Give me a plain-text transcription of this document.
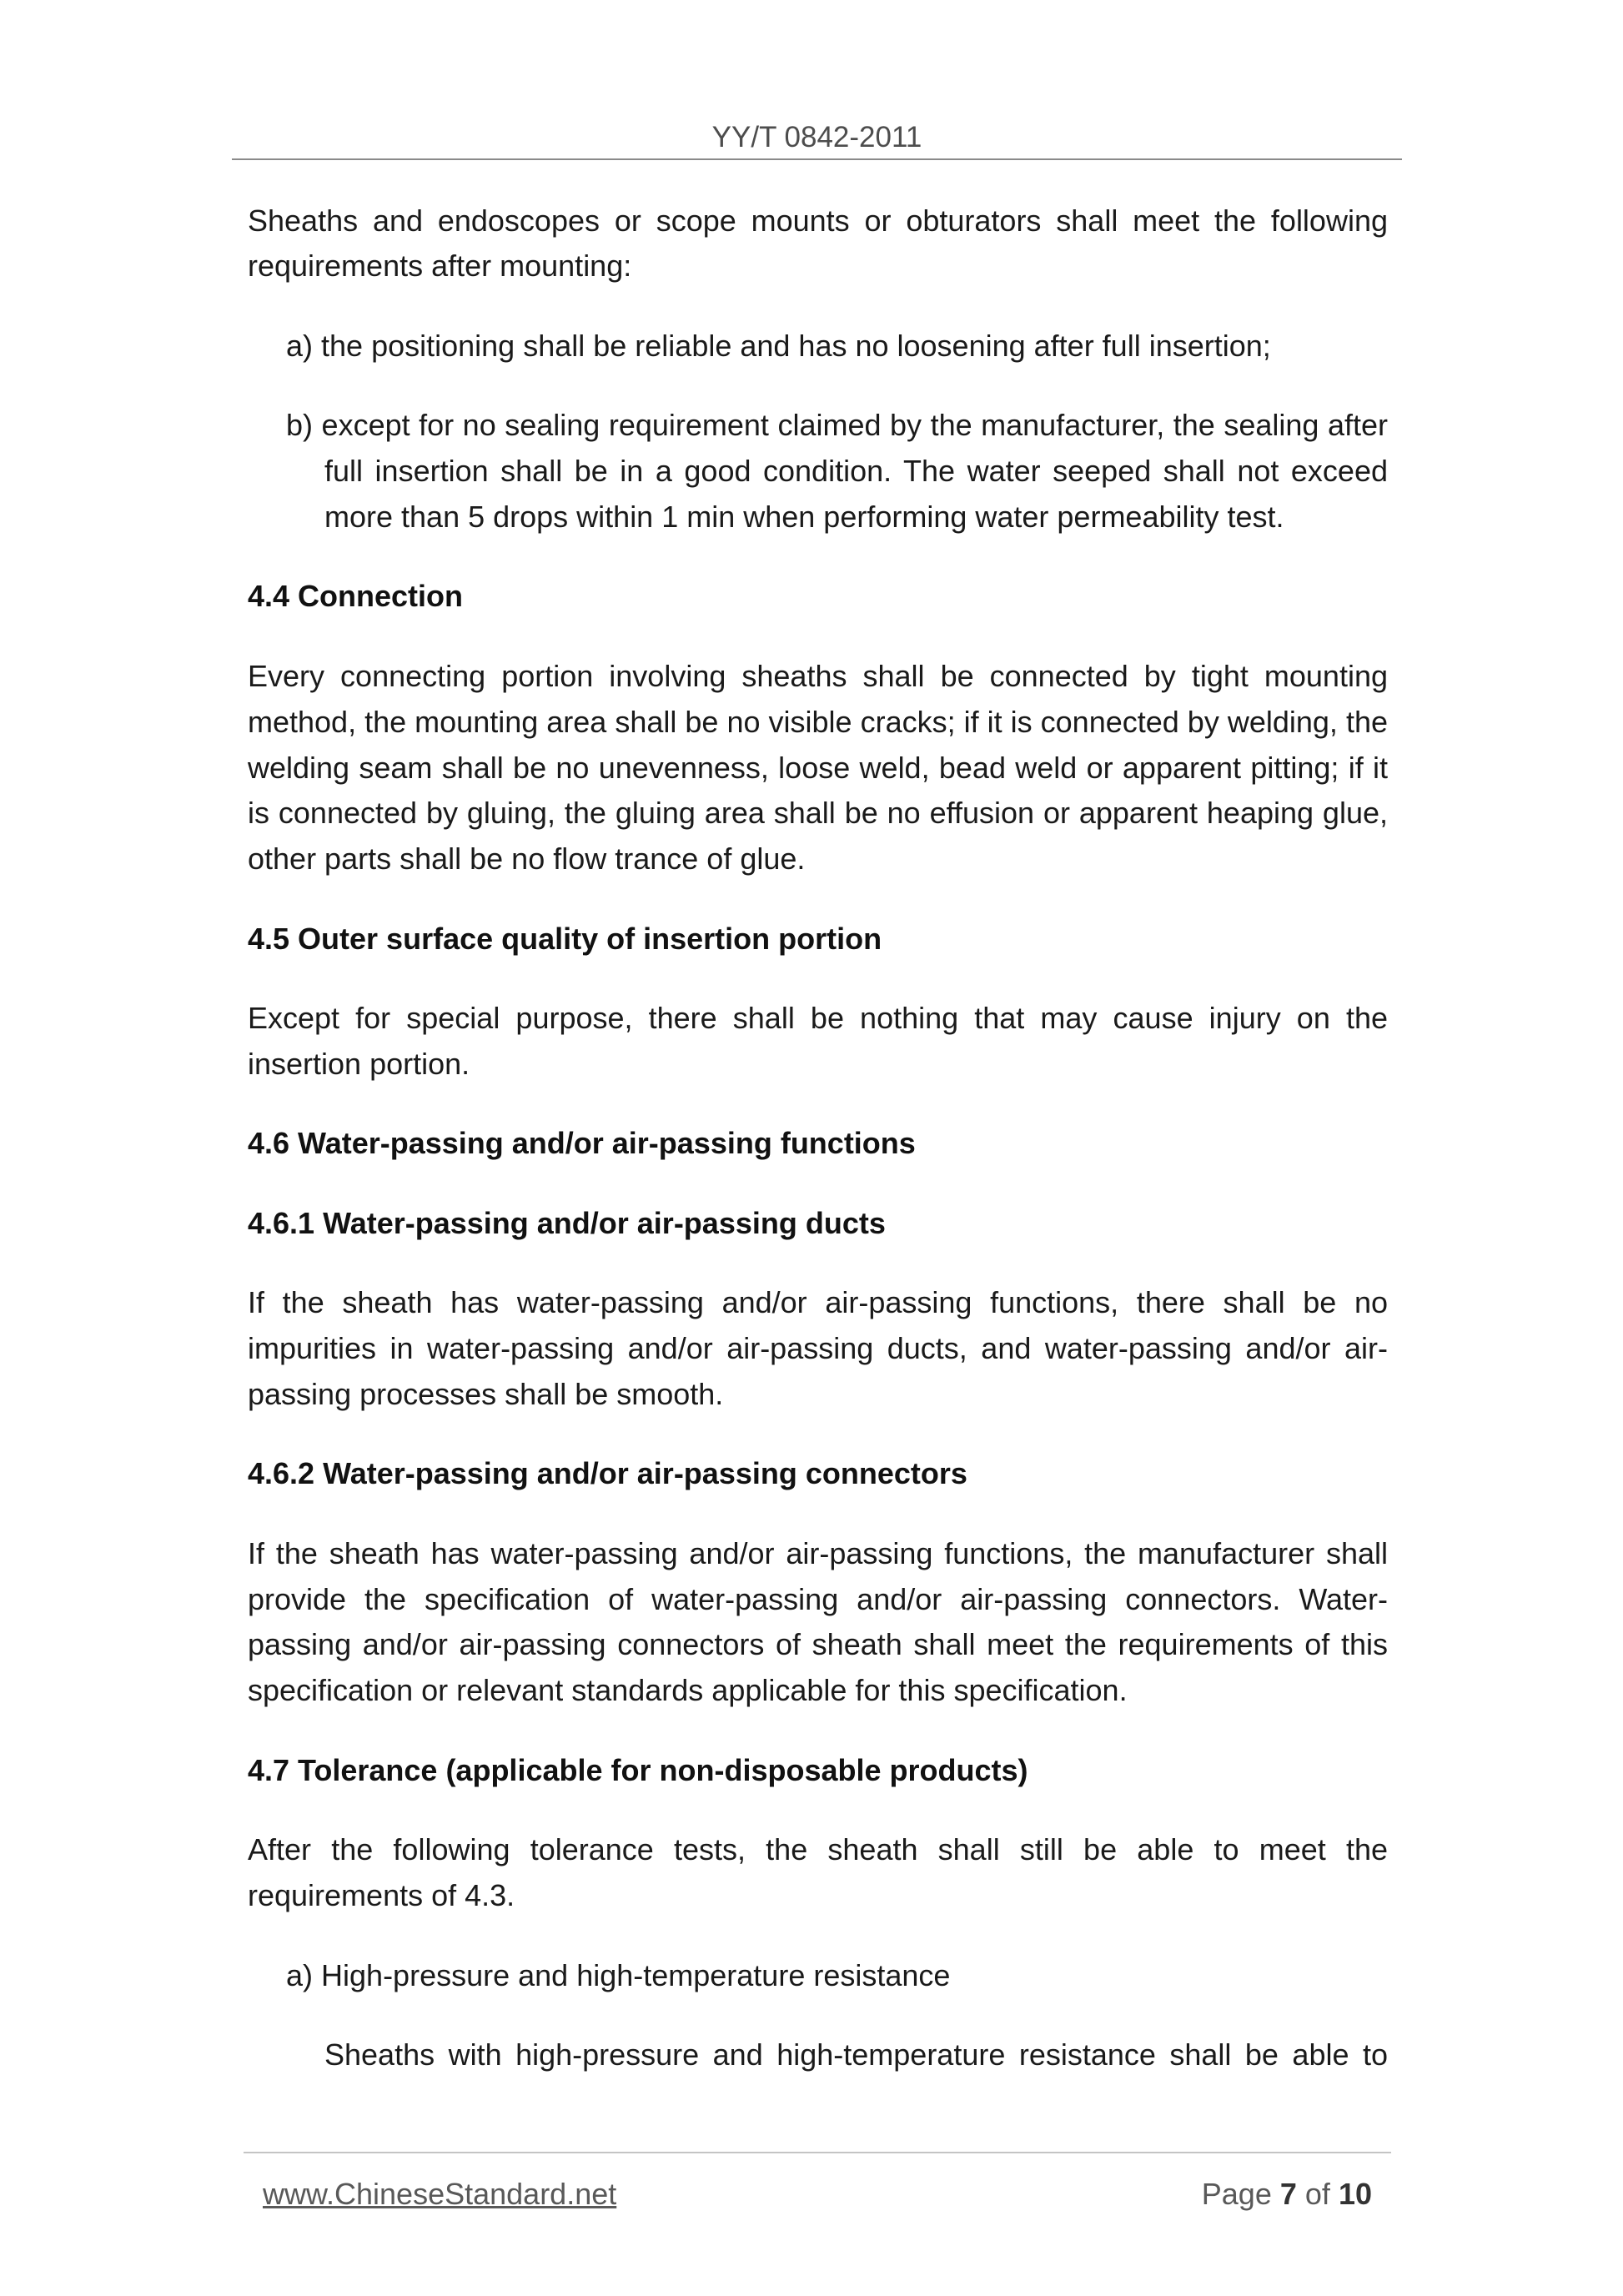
YY/T 0842-2011

Sheaths and endoscopes or scope mounts or obturators shall meet the following requirements after mounting:

a) the positioning shall be reliable and has no loosening after full insertion;

b) except for no sealing requirement claimed by the manufacturer, the sealing after full insertion shall be in a good condition. The water seeped shall not exceed more than 5 drops within 1 min when performing water permeability test.

4.4 Connection

Every connecting portion involving sheaths shall be connected by tight mounting method, the mounting area shall be no visible cracks; if it is connected by welding, the welding seam shall be no unevenness, loose weld, bead weld or apparent pitting; if it is connected by gluing, the gluing area shall be no effusion or apparent heaping glue, other parts shall be no flow trance of glue.

4.5 Outer surface quality of insertion portion

Except for special purpose, there shall be nothing that may cause injury on the insertion portion.

4.6 Water-passing and/or air-passing functions
4.6.1 Water-passing and/or air-passing ducts

If the sheath has water-passing and/or air-passing functions, there shall be no impurities in water-passing and/or air-passing ducts, and water-passing and/or air-passing processes shall be smooth.

4.6.2 Water-passing and/or air-passing connectors

If the sheath has water-passing and/or air-passing functions, the manufacturer shall provide the specification of water-passing and/or air-passing connectors. Water-passing and/or air-passing connectors of sheath shall meet the requirements of this specification or relevant standards applicable for this specification.

4.7 Tolerance (applicable for non-disposable products)

After the following tolerance tests, the sheath shall still be able to meet the requirements of 4.3.

a) High-pressure and high-temperature resistance

Sheaths with high-pressure and high-temperature resistance shall be able to

www.ChineseStandard.net	Page 7 of 10
